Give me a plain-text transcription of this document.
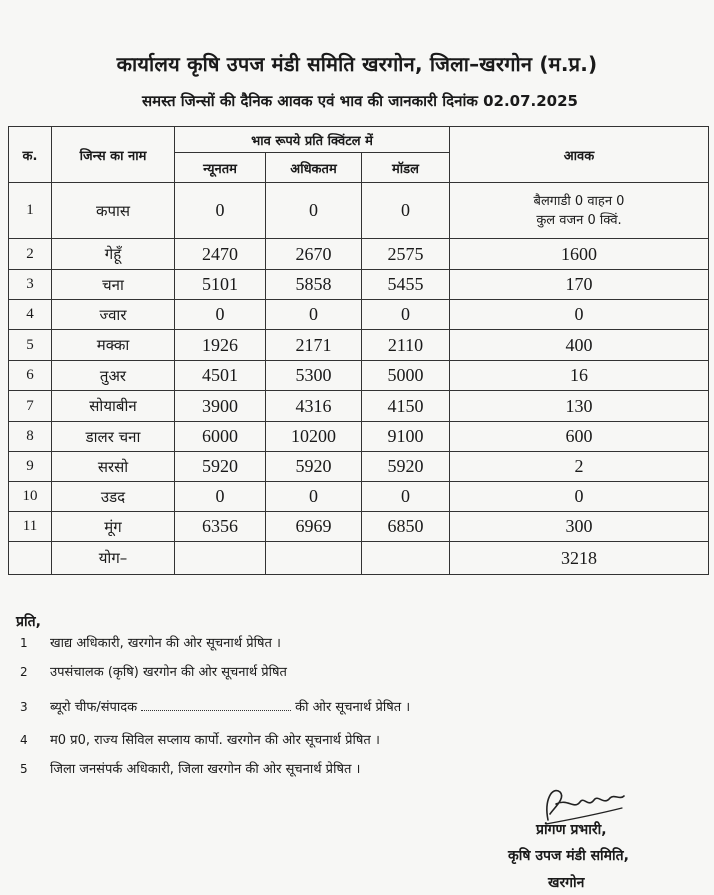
कार्यालय कृषि उपज मंडी समिति खरगोन, जिला–खरगोन (म.प्र.)
समस्त जिन्सों की दैनिक आवक एवं भाव की जानकारी दिनांक 02.07.2025
क.	जिन्स का नाम	भाव रूपये प्रति क्विंटल में			आवक
		न्यूनतम	अधिकतम	मॉडल	
1	कपास	0	0	0	बैलगाडी 0 वाहन 0
कुल वजन 0 क्विं.

2	गेहूँ	2470	2670	2575	1600
3	चना	5101	5858	5455	170
4	ज्वार	0	0	0	0
5	मक्का	1926	2171	2110	400
6	तुअर	4501	5300	5000	16
7	सोयाबीन	3900	4316	4150	130
8	डालर चना	6000	10200	9100	600
9	सरसो	5920	5920	5920	2
10	उडद	0	0	0	0
11	मूंग	6356	6969	6850	300
	योग–				3218
प्रति,
1 खाद्य अधिकारी, खरगोन की ओर सूचनार्थ प्रेषित ।
2 उपसंचालक (कृषि) खरगोन की ओर सूचनार्थ प्रेषित
3 ब्यूरो चीफ/संपादक	की ओर सूचनार्थ प्रेषित ।
4 म0 प्र0, राज्य सिविल सप्लाय कार्पो. खरगोन की ओर सूचनार्थ प्रेषित ।
5 जिला जनसंपर्क अधिकारी, जिला खरगोन की ओर सूचनार्थ प्रेषित ।
प्रांगण प्रभारी,
कृषि उपज मंडी समिति,
खरगोन
